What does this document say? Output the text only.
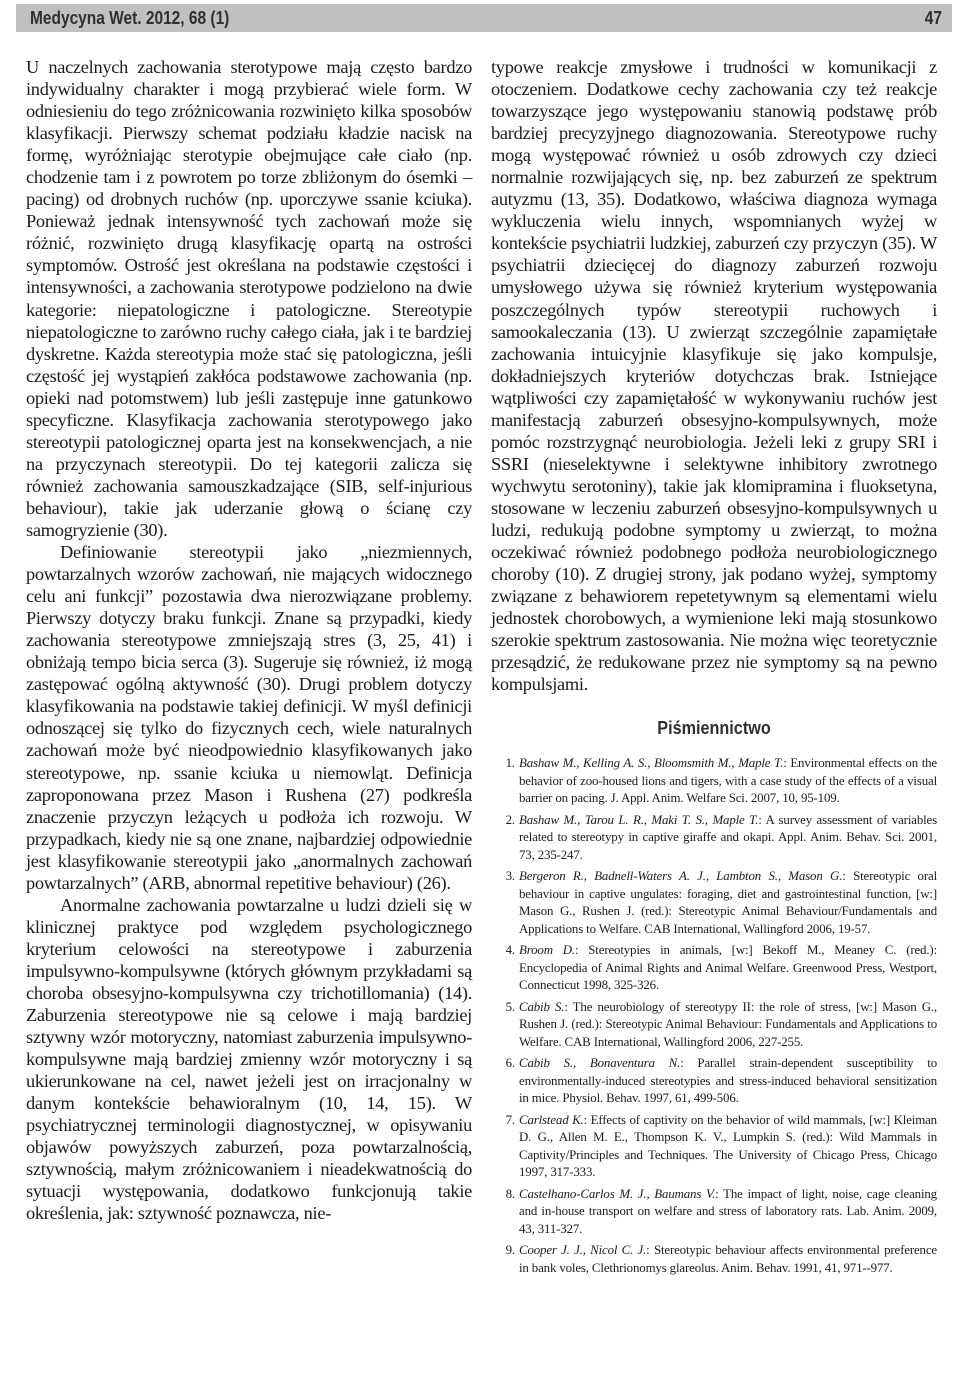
Medycyna Wet. 2012, 68 (1)	47

U naczelnych zachowania sterotypowe mają często bardzo indywidualny charakter i mogą przybierać wiele form. W odniesieniu do tego zróżnicowania rozwinięto kilka sposobów klasyfikacji. Pierwszy schemat podziału kładzie nacisk na formę, wyróżniając sterotypie obejmujące całe ciało (np. chodzenie tam i z powrotem po torze zbliżonym do ósemki – pacing) od drobnych ruchów (np. uporczywe ssanie kciuka). Ponieważ jednak intensywność tych zachowań może się różnić, rozwinięto drugą klasyfikację opartą na ostrości symptomów. Ostrość jest określana na podstawie częstości i intensywności, a zachowania sterotypowe podzielono na dwie kategorie: niepatologiczne i patologiczne. Stereotypie niepatologiczne to zarówno ruchy całego ciała, jak i te bardziej dyskretne. Każda stereotypia może stać się patologiczna, jeśli częstość jej wystąpień zakłóca podstawowe zachowania (np. opieki nad potomstwem) lub jeśli zastępuje inne gatunkowo specyficzne. Klasyfikacja zachowania sterotypowego jako stereotypii patologicznej oparta jest na konsekwencjach, a nie na przyczynach stereotypii. Do tej kategorii zalicza się również zachowania samouszkadzające (SIB, self-injurious behaviour), takie jak uderzanie głową o ścianę czy samogryzienie (30).

Definiowanie stereotypii jako „niezmiennych, powtarzalnych wzorów zachowań, nie mających widocznego celu ani funkcji” pozostawia dwa nierozwiązane problemy. Pierwszy dotyczy braku funkcji. Znane są przypadki, kiedy zachowania stereotypowe zmniejszają stres (3, 25, 41) i obniżają tempo bicia serca (3). Sugeruje się również, iż mogą zastępować ogólną aktywność (30). Drugi problem dotyczy klasyfikowania na podstawie takiej definicji. W myśl definicji odnoszącej się tylko do fizycznych cech, wiele naturalnych zachowań może być nieodpowiednio klasyfikowanych jako stereotypowe, np. ssanie kciuka u niemowląt. Definicja zaproponowana przez Mason i Rushena (27) podkreśla znaczenie przyczyn leżących u podłoża ich rozwoju. W przypadkach, kiedy nie są one znane, najbardziej odpowiednie jest klasyfikowanie stereotypii jako „anormalnych zachowań powtarzalnych” (ARB, abnormal repetitive behaviour) (26).

Anormalne zachowania powtarzalne u ludzi dzieli się w klinicznej praktyce pod względem psychologicznego kryterium celowości na stereotypowe i zaburzenia impulsywno-kompulsywne (których głównym przykładami są choroba obsesyjno-kompulsywna czy trichotillomania) (14). Zaburzenia stereotypowe nie są celowe i mają bardziej sztywny wzór motoryczny, natomiast zaburzenia impulsywno-kompulsywne mają bardziej zmienny wzór motoryczny i są ukierunkowane na cel, nawet jeżeli jest on irracjonalny w danym kontekście behawioralnym (10, 14, 15). W psychiatrycznej terminologii diagnostycznej, w opisywaniu objawów powyższych zaburzeń, poza powtarzalnością, sztywnością, małym zróżnicowaniem i nieadekwatnością do sytuacji występowania, dodatkowo funkcjonują takie określenia, jak: sztywność poznawcza, nie-

typowe reakcje zmysłowe i trudności w komunikacji z otoczeniem. Dodatkowe cechy zachowania czy też reakcje towarzyszące jego występowaniu stanowią podstawę prób bardziej precyzyjnego diagnozowania. Stereotypowe ruchy mogą występować również u osób zdrowych czy dzieci normalnie rozwijających się, np. bez zaburzeń ze spektrum autyzmu (13, 35). Dodatkowo, właściwa diagnoza wymaga wykluczenia wielu innych, wspomnianych wyżej w kontekście psychiatrii ludzkiej, zaburzeń czy przyczyn (35). W psychiatrii dziecięcej do diagnozy zaburzeń rozwoju umysłowego używa się również kryterium występowania poszczególnych typów stereotypii ruchowych i samookaleczania (13). U zwierząt szczególnie zapamiętałe zachowania intuicyjnie klasyfikuje się jako kompulsje, dokładniejszych kryteriów dotychczas brak. Istniejące wątpliwości czy zapamiętałość w wykonywaniu ruchów jest manifestacją zaburzeń obsesyjno-kompulsywnych, może pomóc rozstrzygnąć neurobiologia. Jeżeli leki z grupy SRI i SSRI (nieselektywne i selektywne inhibitory zwrotnego wychwytu serotoniny), takie jak klomipramina i fluoksetyna, stosowane w leczeniu zaburzeń obsesyjno-kompulsywnych u ludzi, redukują podobne symptomy u zwierząt, to można oczekiwać również podobnego podłoża neurobiologicznego choroby (10). Z drugiej strony, jak podano wyżej, symptomy związane z behawiorem repetetywnym są elementami wielu jednostek chorobowych, a wymienione leki mają stosunkowo szerokie spektrum zastosowania. Nie można więc teoretycznie przesądzić, że redukowane przez nie symptomy są na pewno kompulsjami.

Piśmiennictwo
1. Bashaw M., Kelling A. S., Bloomsmith M., Maple T.: Environmental effects on the behavior of zoo-housed lions and tigers, with a case study of the effects of a visual barrier on pacing. J. Appl. Anim. Welfare Sci. 2007, 10, 95-109.
2. Bashaw M., Tarou L. R., Maki T. S., Maple T.: A survey assessment of variables related to stereotypy in captive giraffe and okapi. Appl. Anim. Behav. Sci. 2001, 73, 235-247.
3. Bergeron R., Badnell-Waters A. J., Lambton S., Mason G.: Stereotypic oral behaviour in captive ungulates: foraging, diet and gastrointestinal function, [w:] Mason G., Rushen J. (red.): Stereotypic Animal Behaviour/Fundamentals and Applications to Welfare. CAB International, Wallingford 2006, 19-57.
4. Broom D.: Stereotypies in animals, [w:] Bekoff M., Meaney C. (red.): Encyclopedia of Animal Rights and Animal Welfare. Greenwood Press, Westport, Connecticut 1998, 325-326.
5. Cabib S.: The neurobiology of stereotypy II: the role of stress, [w:] Mason G., Rushen J. (red.): Stereotypic Animal Behaviour: Fundamentals and Applications to Welfare. CAB International, Wallingford 2006, 227-255.
6. Cabib S., Bonaventura N.: Parallel strain-dependent susceptibility to environmentally-induced stereotypies and stress-induced behavioral sensitization in mice. Physiol. Behav. 1997, 61, 499-506.
7. Carlstead K.: Effects of captivity on the behavior of wild mammals, [w:] Kleiman D. G., Allen M. E., Thompson K. V., Lumpkin S. (red.): Wild Mammals in Captivity/Principles and Techniques. The University of Chicago Press, Chicago 1997, 317-333.
8. Castelhano-Carlos M. J., Baumans V.: The impact of light, noise, cage cleaning and in-house transport on welfare and stress of laboratory rats. Lab. Anim. 2009, 43, 311-327.
9. Cooper J. J., Nicol C. J.: Stereotypic behaviour affects environmental preference in bank voles, Clethrionomys glareolus. Anim. Behav. 1991, 41, 971--977.
